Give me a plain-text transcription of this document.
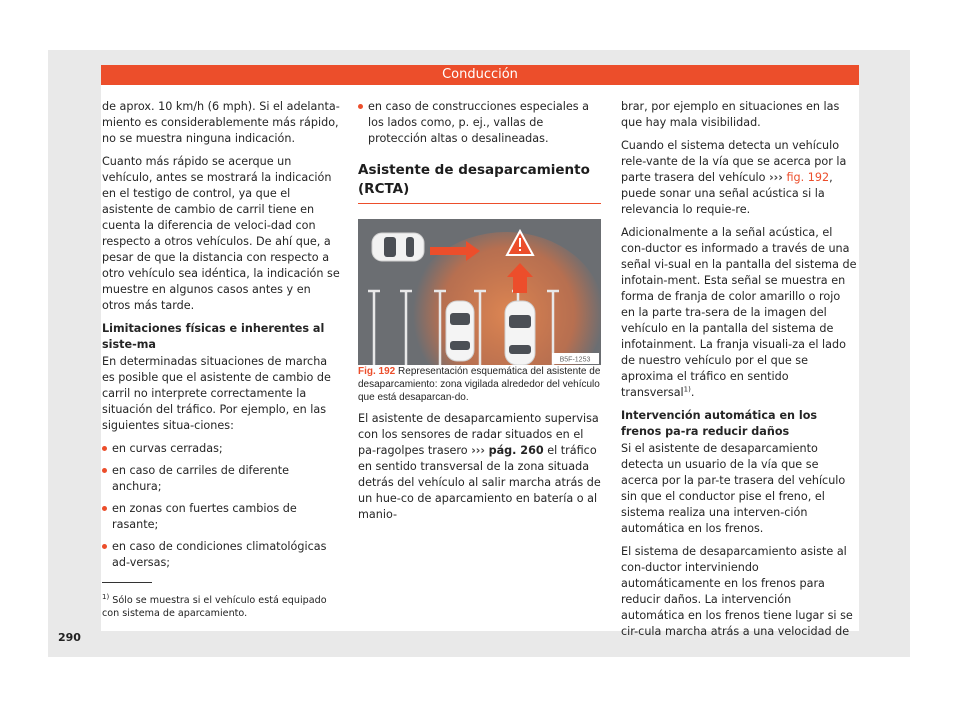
Conducción

de aprox. 10 km/h (6 mph). Si el adelanta-miento es considerablemente más rápido, no se muestra ninguna indicación.

Cuanto más rápido se acerque un vehículo, antes se mostrará la indicación en el testigo de control, ya que el asistente de cambio de carril tiene en cuenta la diferencia de veloci-dad con respecto a otros vehículos. De ahí que, a pesar de que la distancia con respecto a otro vehículo sea idéntica, la indicación se muestre en algunos casos antes y en otros más tarde.

Limitaciones físicas e inherentes al siste-ma

En determinadas situaciones de marcha es posible que el asistente de cambio de carril no interprete correctamente la situación del tráfico. Por ejemplo, en las siguientes situa-ciones:

en curvas cerradas;
en caso de carriles de diferente anchura;
en zonas con fuertes cambios de rasante;
en caso de condiciones climatológicas ad-versas;
en caso de construcciones especiales a los lados como, p. ej., vallas de protección altas o desalineadas.
Asistente de desaparcamiento (RCTA)
B5F-1253

Fig. 192 Representación esquemática del asistente de desaparcamiento: zona vigilada alrededor del vehículo que está desaparcan-do.

El asistente de desaparcamiento supervisa con los sensores de radar situados en el pa-ragolpes trasero ››› pág. 260 el tráfico en sentido transversal de la zona situada detrás del vehículo al salir marcha atrás de un hue-co de aparcamiento en batería o al manio-

brar, por ejemplo en situaciones en las que hay mala visibilidad.

Cuando el sistema detecta un vehículo rele-vante de la vía que se acerca por la parte trasera del vehículo ››› fig. 192, puede sonar una señal acústica si la relevancia lo requie-re.

Adicionalmente a la señal acústica, el con-ductor es informado a través de una señal vi-sual en la pantalla del sistema de infotain-ment. Esta señal se muestra en forma de franja de color amarillo o rojo en la parte tra-sera de la imagen del vehículo en la pantalla del sistema de infotainment. La franja visuali-za el lado de nuestro vehículo por el que se aproxima el tráfico en sentido transversal$^{1)}$.

Intervención automática en los frenos pa-ra reducir daños

Si el asistente de desaparcamiento detecta un usuario de la vía que se acerca por la par-te trasera del vehículo sin que el conductor pise el freno, el sistema realiza una interven-ción automática en los frenos.

El sistema de desaparcamiento asiste al con-ductor interviniendo automáticamente en los frenos para reducir daños. La intervención automática en los frenos tiene lugar si se cir-cula marcha atrás a una velocidad de

$^{1)}$ Sólo se muestra si el vehículo está equipado con sistema de aparcamiento.
290
